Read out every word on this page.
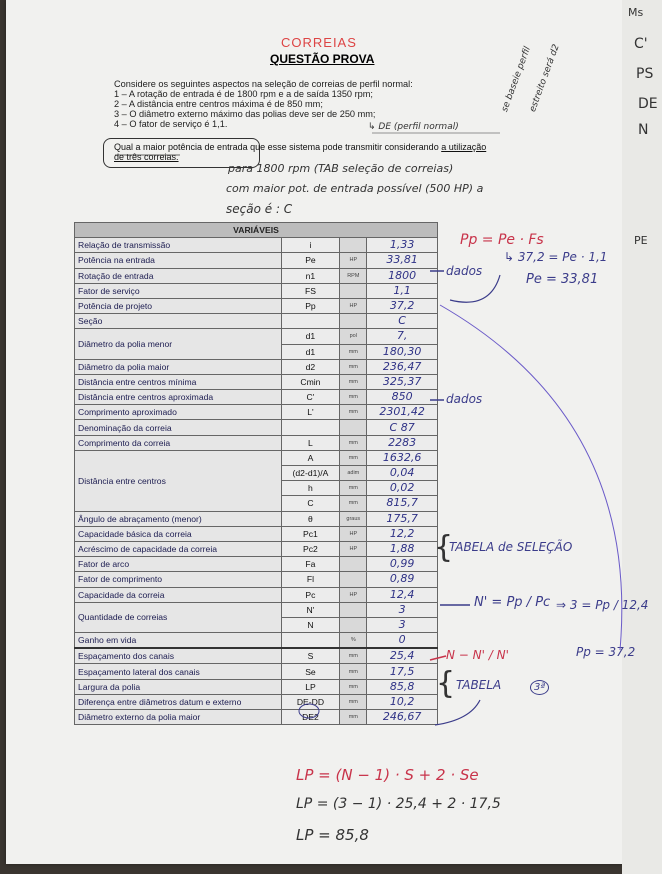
Ms
C'
PS
DE
N
PE
CORREIAS
QUESTÃO PROVA
Considere os seguintes aspectos na seleção de correias de perfil normal:
1 – A rotação de entrada é de 1800 rpm e a de saída 1350 rpm;
2 – A distância entre centros máxima é de 850 mm;
3 – O diâmetro externo máximo das polias deve ser de 250 mm;
4 – O fator de serviço é 1,1.
Qual a maior potência de entrada que esse sistema pode transmitir considerando a utilização
de três correias.
VARIÁVEIS			
Relação de transmissão	i		1,33
Potência na entrada	Pe	HP	33,81
Rotação de entrada	n1	RPM	1800
Fator de serviço	FS		1,1
Potência de projeto	Pp	HP	37,2
Seção			C
Diâmetro da polia menor	d1	pol	7,
	d1	mm	180,30
Diâmetro da polia maior	d2	mm	236,47
Distância entre centros mínima	Cmin	mm	325,37
Distância entre centros aproximada	C'	mm	850
Comprimento aproximado	L'	mm	2301,42
Denominação da correia			C 87
Comprimento da correia	L	mm	2283
Distância entre centros	A	mm	1632,6
	(d2-d1)/A	adim	0,04
	h	mm	0,02
	C	mm	815,7
Ângulo de abraçamento (menor)	θ	graus	175,7
Capacidade básica da correia	Pc1	HP	12,2
Acréscimo de capacidade da correia	Pc2	HP	1,88
Fator de arco	Fa		0,99
Fator de comprimento	Fl		0,89
Capacidade da correia	Pc	HP	12,4
Quantidade de correias	N'		3
	N		3
Ganho em vida		%	0
Espaçamento dos canais	S	mm	25,4
Espaçamento lateral dos canais	Se	mm	17,5
Largura da polia	LP	mm	85,8
Diferença entre diâmetros datum e externo	DE-DD	mm	10,2
Diâmetro externo da polia maior	DE2	mm	246,67
para 1800 rpm (TAB seleção de correias)
com maior pot. de entrada possível (500 HP) a
seção é : C
↳ DE (perfil normal)
se baseie perfil
estreito será d2
Pp = Pe · Fs
↳ 37,2 = Pe · 1,1
Pe = 33,81
dados
dados
{
TABELA de SELEÇÃO
N' = Pp / Pc ⇒ 3 = Pp / 12,4
Pp = 37,2
N − N' / N'
{ TABELA	3ª
LP = (N − 1) · S + 2 · Se
LP = (3 − 1) · 25,4 + 2 · 17,5
LP = 85,8
